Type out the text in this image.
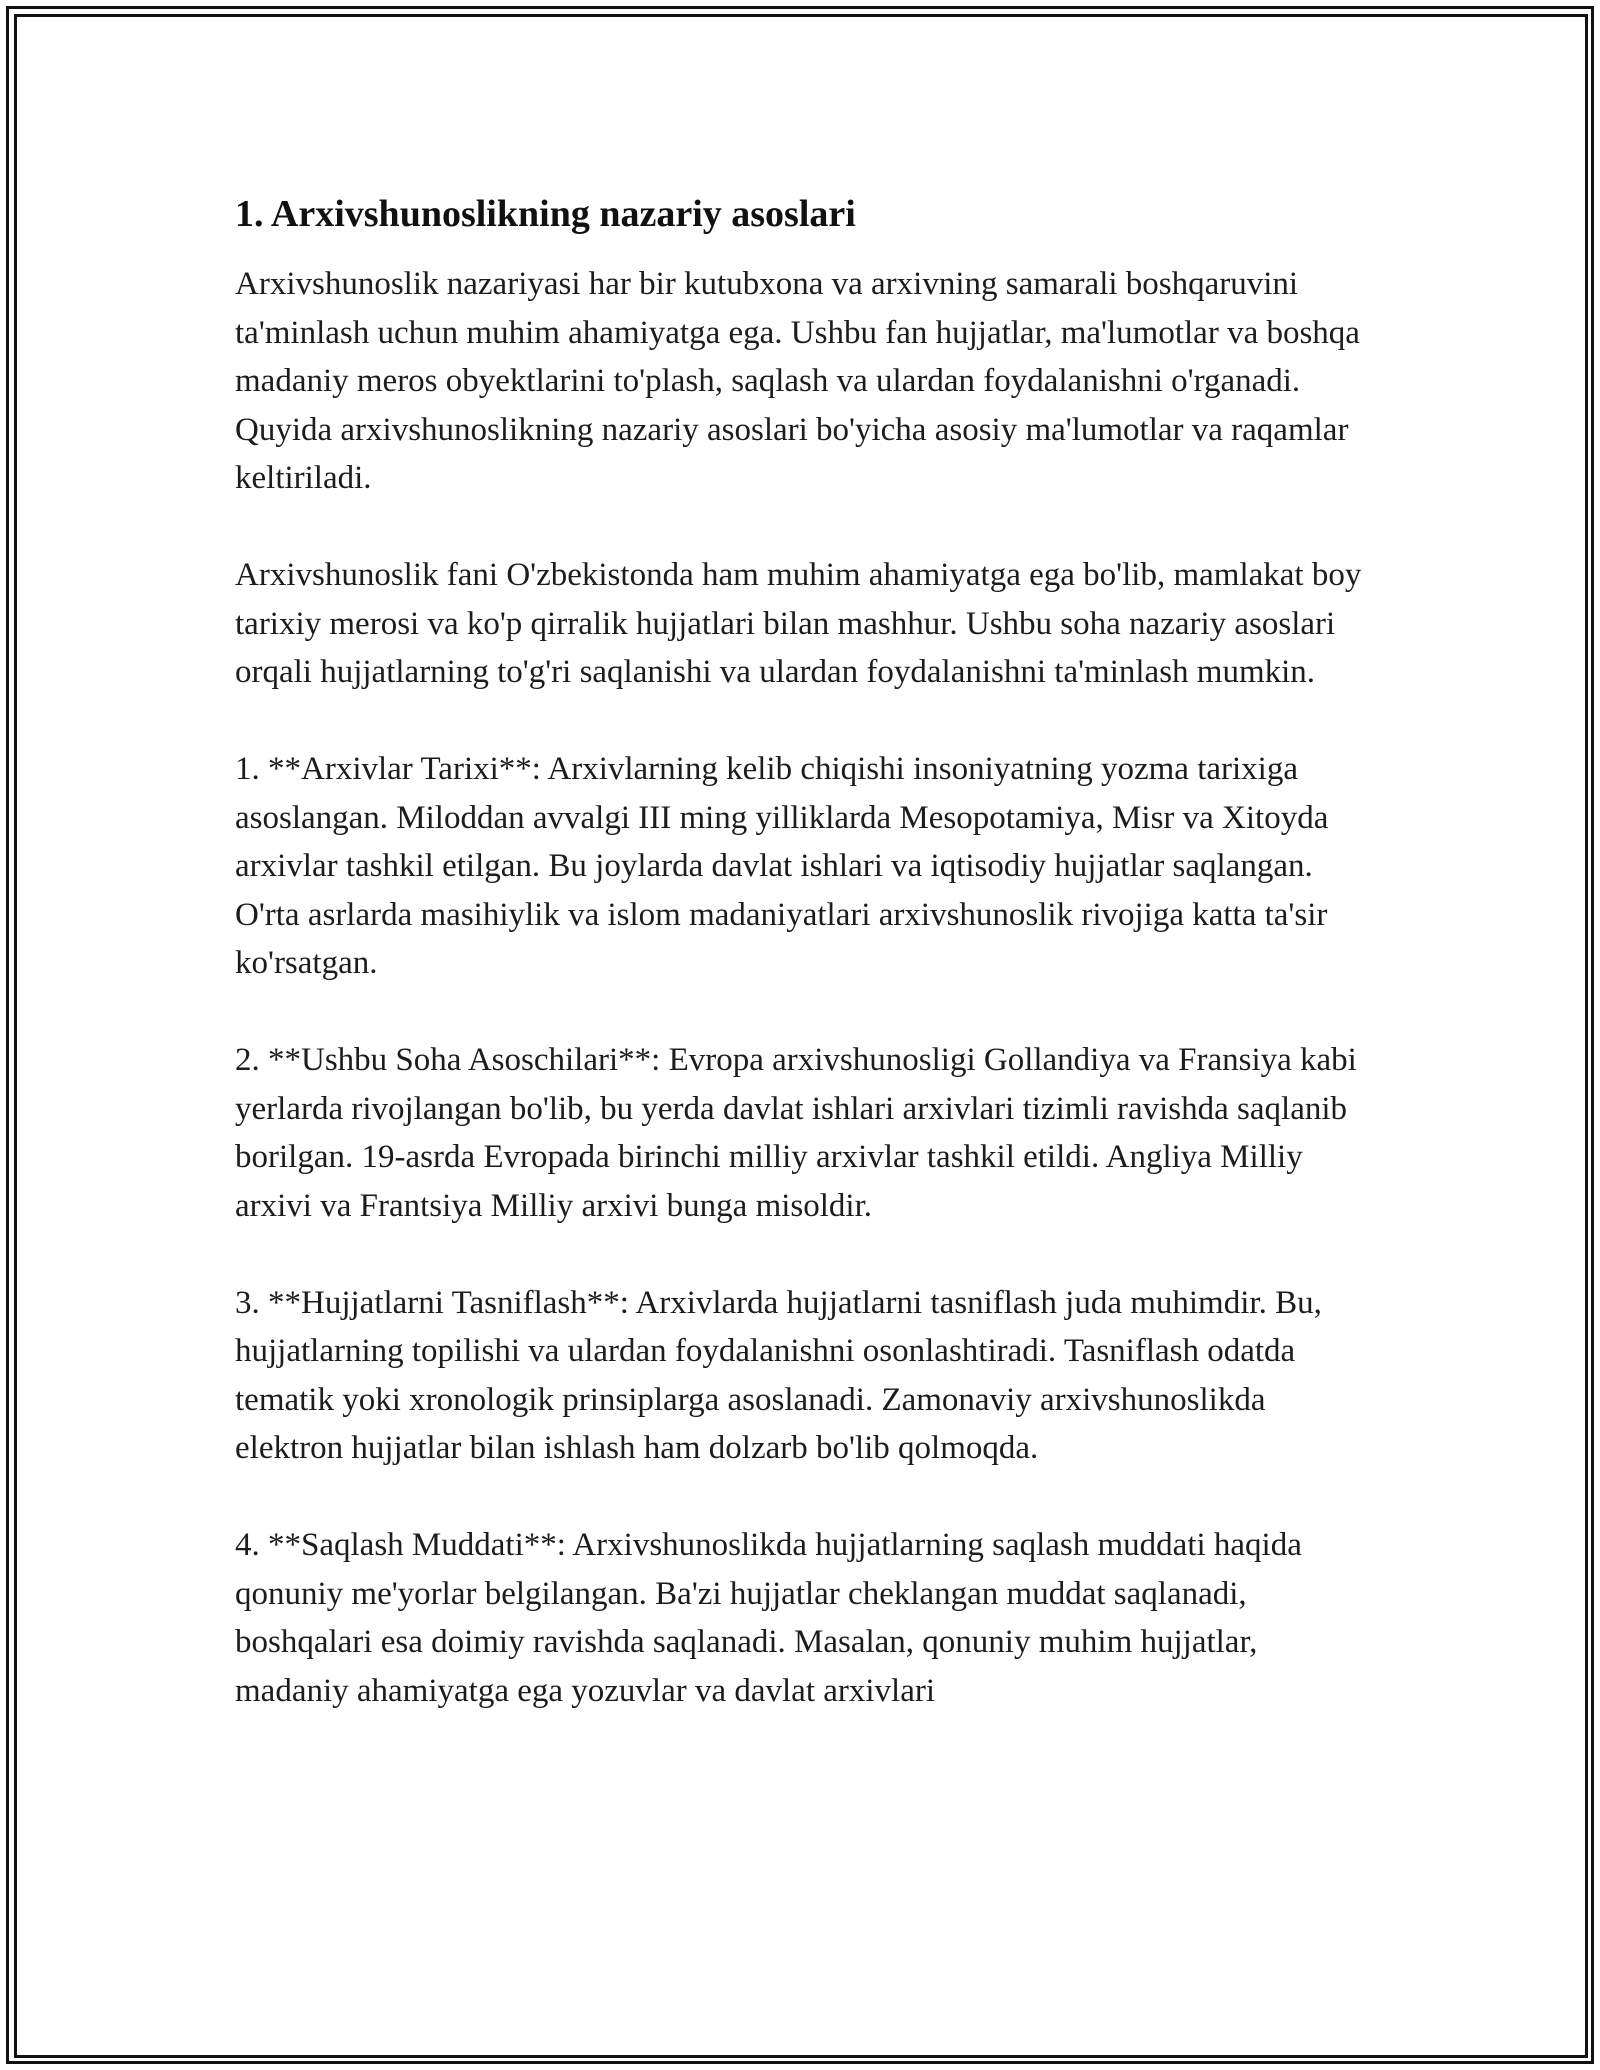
1. Arxivshunoslikning nazariy asoslari

Arxivshunoslik nazariyasi har bir kutubxona va arxivning samarali boshqaruvini ta'minlash uchun muhim ahamiyatga ega. Ushbu fan hujjatlar, ma'lumotlar va boshqa madaniy meros obyektlarini to'plash, saqlash va ulardan foydalanishni o'rganadi. Quyida arxivshunoslikning nazariy asoslari bo'yicha asosiy ma'lumotlar va raqamlar keltiriladi.

Arxivshunoslik fani O'zbekistonda ham muhim ahamiyatga ega bo'lib, mamlakat boy tarixiy merosi va ko'p qirralik hujjatlari bilan mashhur. Ushbu soha nazariy asoslari orqali hujjatlarning to'g'ri saqlanishi va ulardan foydalanishni ta'minlash mumkin.

1. **Arxivlar Tarixi**: Arxivlarning kelib chiqishi insoniyatning yozma tarixiga asoslangan. Miloddan avvalgi III ming yilliklarda Mesopotamiya, Misr va Xitoyda arxivlar tashkil etilgan. Bu joylarda davlat ishlari va iqtisodiy hujjatlar saqlangan. O'rta asrlarda masihiylik va islom madaniyatlari arxivshunoslik rivojiga katta ta'sir ko'rsatgan.

2. **Ushbu Soha Asoschilari**: Evropa arxivshunosligi Gollandiya va Fransiya kabi yerlarda rivojlangan bo'lib, bu yerda davlat ishlari arxivlari tizimli ravishda saqlanib borilgan. 19-asrda Evropada birinchi milliy arxivlar tashkil etildi. Angliya Milliy arxivi va Frantsiya Milliy arxivi bunga misoldir.

3. **Hujjatlarni Tasniflash**: Arxivlarda hujjatlarni tasniflash juda muhimdir. Bu, hujjatlarning topilishi va ulardan foydalanishni osonlashtiradi. Tasniflash odatda tematik yoki xronologik prinsiplarga asoslanadi. Zamonaviy arxivshunoslikda elektron hujjatlar bilan ishlash ham dolzarb bo'lib qolmoqda.

4. **Saqlash Muddati**: Arxivshunoslikda hujjatlarning saqlash muddati haqida qonuniy me'yorlar belgilangan. Ba'zi hujjatlar cheklangan muddat saqlanadi, boshqalari esa doimiy ravishda saqlanadi. Masalan, qonuniy muhim hujjatlar, madaniy ahamiyatga ega yozuvlar va davlat arxivlari
